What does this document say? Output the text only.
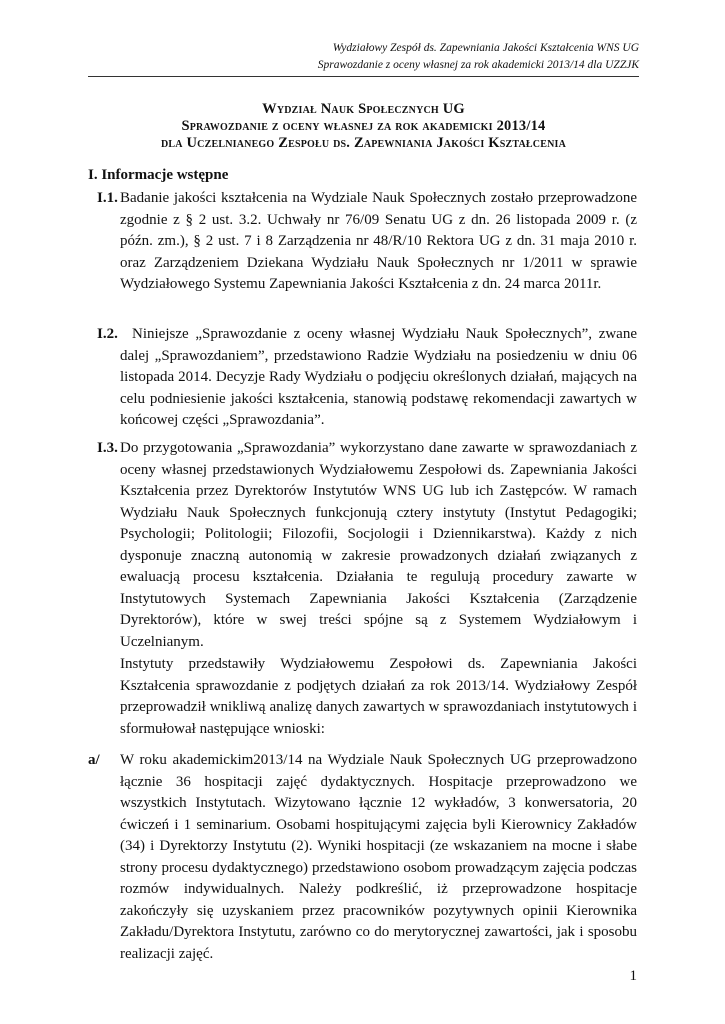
Wydziałowy Zespół ds. Zapewniania Jakości Kształcenia WNS UG
Sprawozdanie z oceny własnej za rok akademicki 2013/14 dla UZZJK
Wydział Nauk Społecznych UG
Sprawozdanie z oceny własnej za rok akademicki 2013/14
dla Uczelnianego Zespołu ds. Zapewniania Jakości Kształcenia
I. Informacje wstępne
I.1. Badanie jakości kształcenia na Wydziale Nauk Społecznych zostało przeprowadzone zgodnie z § 2 ust. 3.2. Uchwały nr 76/09 Senatu UG z dn. 26 listopada 2009 r. (z późn. zm.), § 2 ust. 7 i 8 Zarządzenia nr 48/R/10 Rektora UG z dn. 31 maja 2010 r. oraz Zarządzeniem Dziekana Wydziału Nauk Społecznych nr 1/2011 w sprawie Wydziałowego Systemu Zapewniania Jakości Kształcenia z dn. 24 marca 2011r.
I.2. Niniejsze „Sprawozdanie z oceny własnej Wydziału Nauk Społecznych”, zwane dalej „Sprawozdaniem”, przedstawiono Radzie Wydziału na posiedzeniu w dniu 06 listopada 2014. Decyzje Rady Wydziału o podjęciu określonych działań, mających na celu podniesienie jakości kształcenia, stanowią podstawę rekomendacji zawartych w końcowej części „Sprawozdania”.
I.3. Do przygotowania „Sprawozdania” wykorzystano dane zawarte w sprawozdaniach z oceny własnej przedstawionych Wydziałowemu Zespołowi ds. Zapewniania Jakości Kształcenia przez Dyrektorów Instytutów WNS UG lub ich Zastępców. W ramach Wydziału Nauk Społecznych funkcjonują cztery instytuty (Instytut Pedagogiki; Psychologii; Politologii; Filozofii, Socjologii i Dziennikarstwa). Każdy z nich dysponuje znaczną autonomią w zakresie prowadzonych działań związanych z ewaluacją procesu kształcenia. Działania te regulują procedury zawarte w Instytutowych Systemach Zapewniania Jakości Kształcenia (Zarządzenie Dyrektorów), które w swej treści spójne są z Systemem Wydziałowym i Uczelnianym.
Instytuty przedstawiły Wydziałowemu Zespołowi ds. Zapewniania Jakości Kształcenia sprawozdanie z podjętych działań za rok 2013/14. Wydziałowy Zespół przeprowadził wnikliwą analizę danych zawartych w sprawozdaniach instytutowych i sformułował następujące wnioski:
a/ W roku akademickim2013/14 na Wydziale Nauk Społecznych UG przeprowadzono łącznie 36 hospitacji zajęć dydaktycznych. Hospitacje przeprowadzono we wszystkich Instytutach. Wizytowano łącznie 12 wykładów, 3 konwersatoria, 20 ćwiczeń i 1 seminarium. Osobami hospitującymi zajęcia byli Kierownicy Zakładów (34) i Dyrektorzy Instytutu (2). Wyniki hospitacji (ze wskazaniem na mocne i słabe strony procesu dydaktycznego) przedstawiono osobom prowadzącym zajęcia podczas rozmów indywidualnych. Należy podkreślić, iż przeprowadzone hospitacje zakończyły się uzyskaniem przez pracowników pozytywnych opinii Kierownika Zakładu/Dyrektora Instytutu, zarówno co do merytorycznej zawartości, jak i sposobu realizacji zajęć.
1
